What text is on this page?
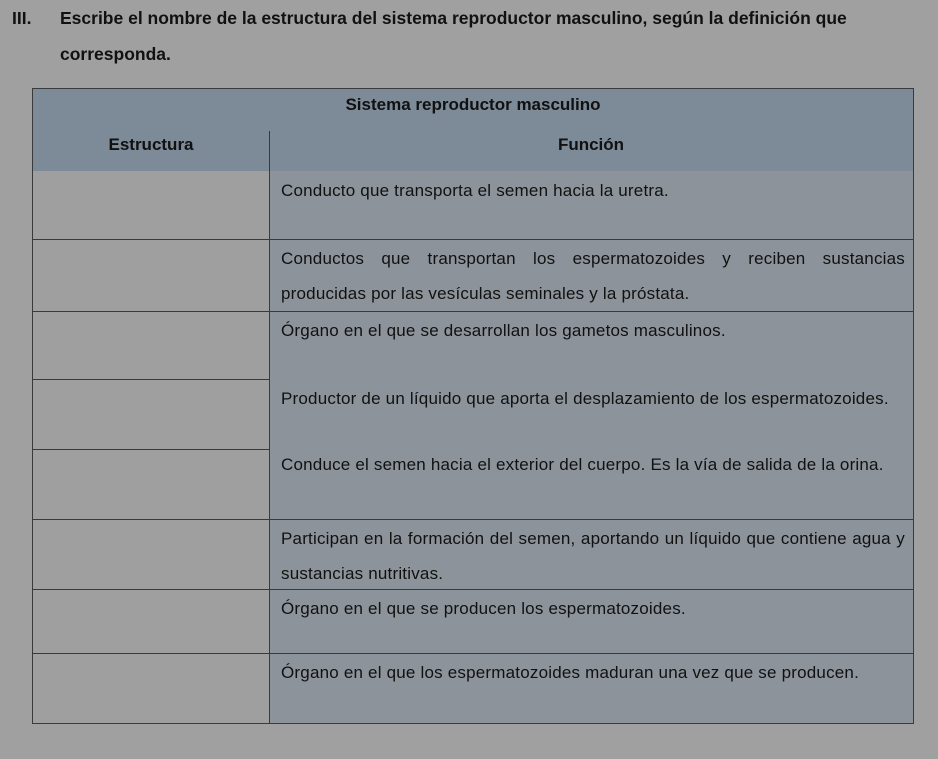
III. Escribe el nombre de la estructura del sistema reproductor masculino, según la definición que
corresponda.
Sistema reproductor masculino
Estructura	Función
Conducto que transporta el semen hacia la uretra.
Conductos que transportan los espermatozoides y reciben sustancias producidas por las vesículas seminales y la próstata.
Órgano en el que se desarrollan los gametos masculinos.
Productor de un líquido que aporta el desplazamiento de los espermatozoides.
Conduce el semen hacia el exterior del cuerpo. Es la vía de salida de la orina.
Participan en la formación del semen, aportando un líquido que contiene agua y sustancias nutritivas.
Órgano en el que se producen los espermatozoides.
Órgano en el que los espermatozoides maduran una vez que se producen.
